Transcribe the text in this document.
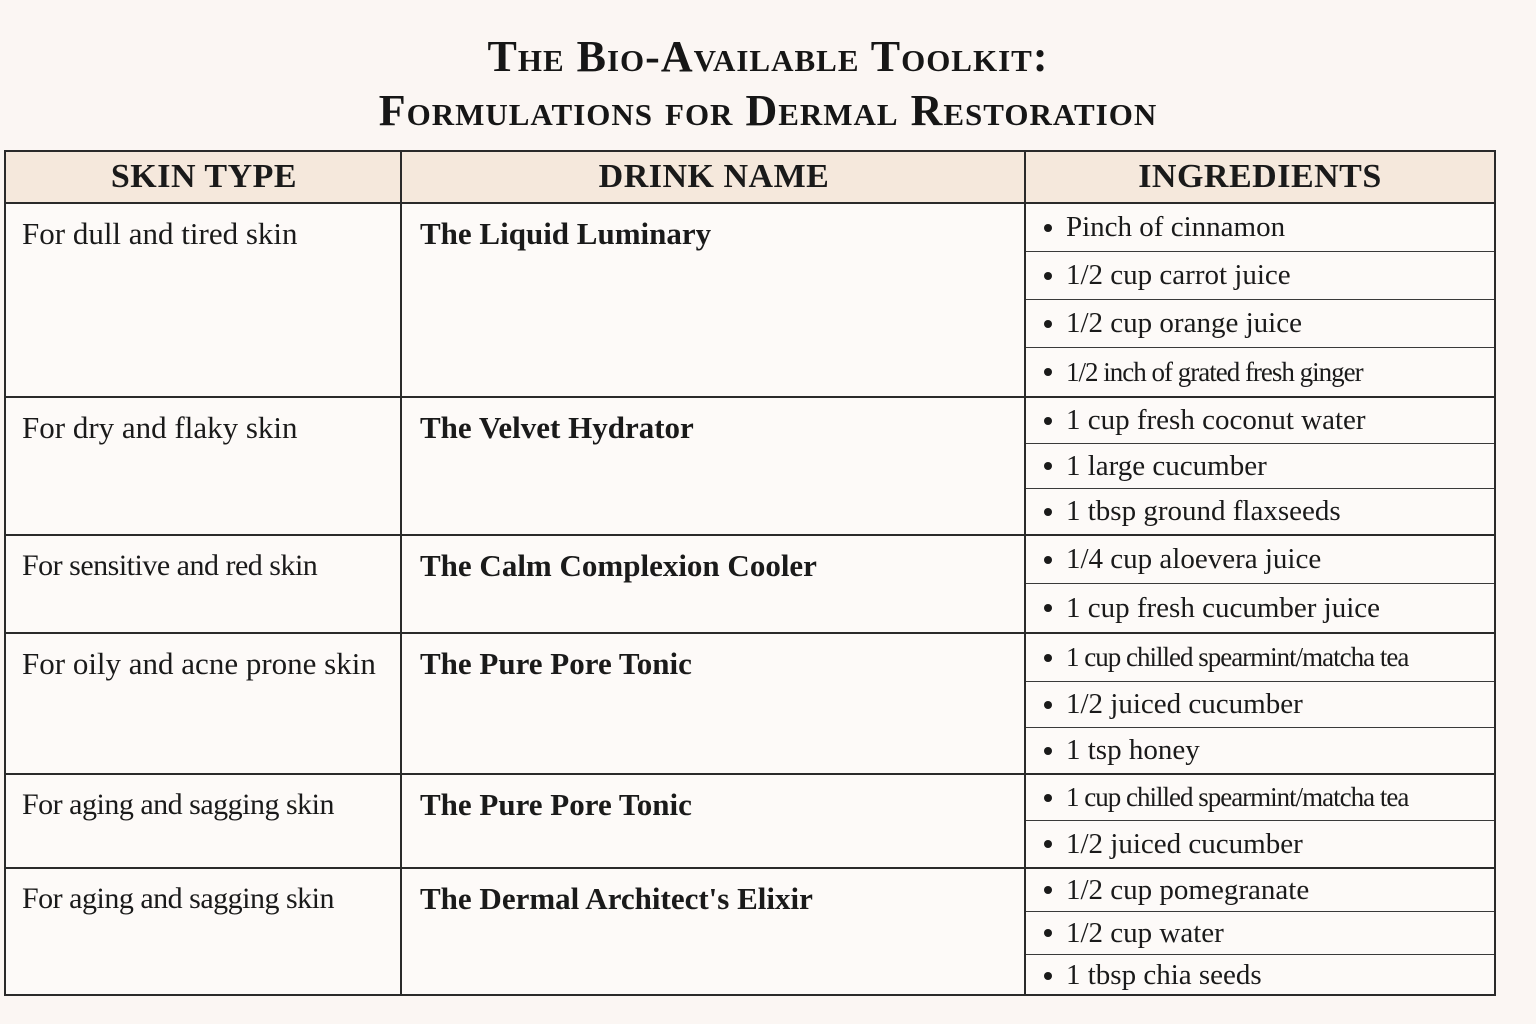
The Bio-Available Toolkit:
Formulations for Dermal Restoration
SKIN TYPE	DRINK NAME	INGREDIENTS
For dull and tired skin	The Liquid Luminary	Pinch of cinnamon
1/2 cup carrot juice
1/2 cup orange juice
1/2 inch of grated fresh ginger
For dry and flaky skin	The Velvet Hydrator	1 cup fresh coconut water
1 large cucumber
1 tbsp ground flaxseeds
For sensitive and red skin	The Calm Complexion Cooler	1/4 cup aloevera juice
1 cup fresh cucumber juice
For oily and acne prone skin	The Pure Pore Tonic	1 cup chilled spearmint/matcha tea
1/2 juiced cucumber
1 tsp honey
For aging and sagging skin	The Pure Pore Tonic	1 cup chilled spearmint/matcha tea
1/2 juiced cucumber
For aging and sagging skin	The Dermal Architect's Elixir	1/2 cup pomegranate
1/2 cup water
1 tbsp chia seeds
